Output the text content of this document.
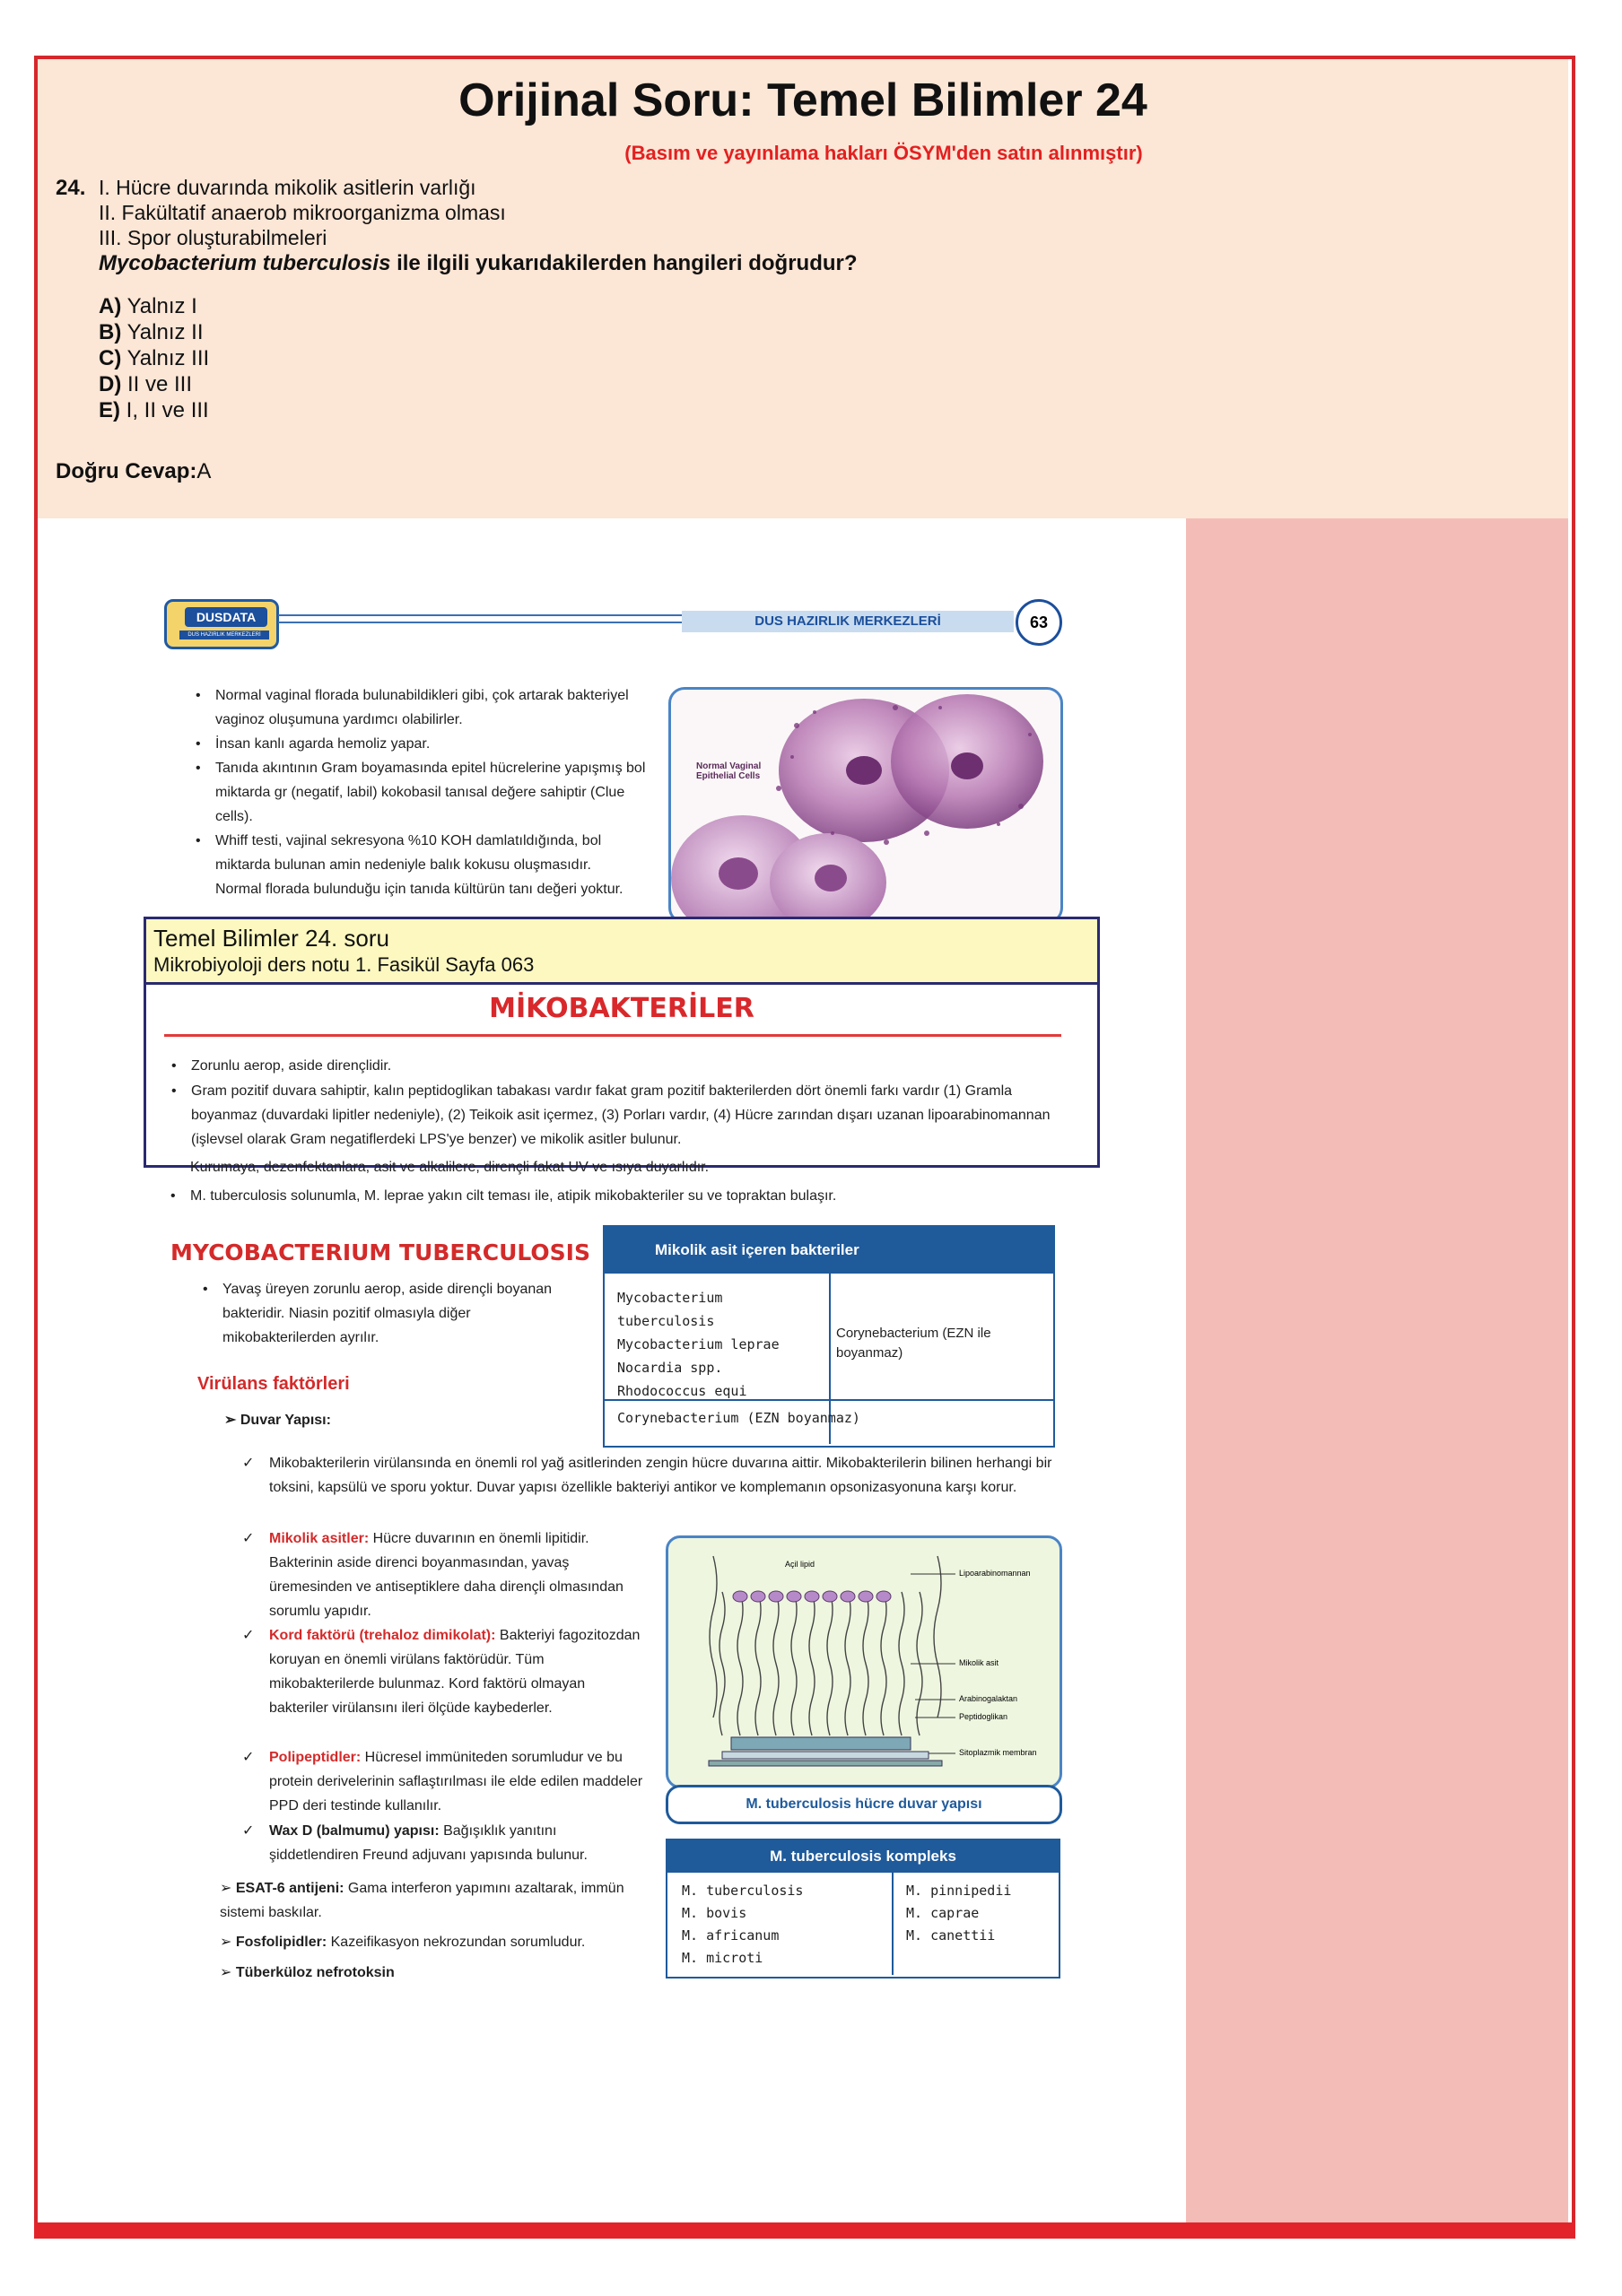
Orijinal Soru: Temel Bilimler 24
(Basım ve yayınlama hakları ÖSYM'den satın alınmıştır)
24. I. Hücre duvarında mikolik asitlerin varlığı
II. Fakültatif anaerob mikroorganizma olması
III. Spor oluşturabilmeleri
Mycobacterium tuberculosis ile ilgili yukarıdakilerden hangileri doğrudur?
A) Yalnız I
B) Yalnız II
C) Yalnız III
D) II ve III
E) I, II ve III
Doğru Cevap:A
DUSDATA
DUS HAZIRLIK MERKEZLERİ
DUS HAZIRLIK MERKEZLERİ	63
• Normal vaginal florada bulunabildikleri gibi, çok artarak bakteriyel vaginoz oluşumuna yardımcı olabilirler.
• İnsan kanlı agarda hemoliz yapar.
• Tanıda akıntının Gram boyamasında epitel hücrelerine yapışmış bol miktarda gr (negatif, labil) kokobasil tanısal değere sahiptir (Clue cells).
• Whiff testi, vajinal sekresyona %10 KOH damlatıldığında, bol miktarda bulunan amin nedeniyle balık kokusu oluşmasıdır.
• Normal florada bulunduğu için tanıda kültürün tanı değeri yoktur.
Normal Vaginal Epithelial Cells
Temel Bilimler 24. soru
Mikrobiyoloji ders notu 1. Fasikül Sayfa 063
MİKOBAKTERİLER
• Zorunlu aerop, aside dirençlidir.
• Gram pozitif duvara sahiptir, kalın peptidoglikan tabakası vardır fakat gram pozitif bakterilerden dört önemli farkı vardır (1) Gramla boyanmaz (duvardaki lipitler nedeniyle), (2) Teikoik asit içermez, (3) Porları vardır, (4) Hücre zarından dışarı uzanan lipoarabinomannan (işlevsel olarak Gram negatiflerdeki LPS'ye benzer) ve mikolik asitler bulunur.
• Kurumaya, dezenfektanlara, asit ve alkalilere, dirençli fakat UV ve ısıya duyarlıdır.
• M. tuberculosis solunumla, M. leprae yakın cilt teması ile, atipik mikobakteriler su ve topraktan bulaşır.
MYCOBACTERIUM TUBERCULOSIS
• Yavaş üreyen zorunlu aerop, aside dirençli boyanan bakteridir. Niasin pozitif olmasıyla diğer mikobakterilerden ayrılır.
Virülans faktörleri
➢ Duvar Yapısı:
Mikolik asit içeren bakteriler
Mycobacterium tuberculosis
Mycobacterium leprae
Nocardia spp.
Rhodococcus equi
Corynebacterium (EZN ile boyanmaz)
Corynebacterium (EZN boyanmaz)
Mikobakterilerin virülansında en önemli rol yağ asitlerinden zengin hücre duvarına aittir. Mikobakterilerin bilinen herhangi bir toksini, kapsülü ve sporu yoktur. Duvar yapısı özellikle bakteriyi antikor ve komplemanın opsonizasyonuna karşı korur.
Mikolik asitler: Hücre duvarının en önemli lipitidir. Bakterinin aside direnci boyanmasından, yavaş üremesinden ve antiseptiklere daha dirençli olmasından sorumlu yapıdır.
Kord faktörü (trehaloz dimikolat): Bakteriyi fagozitozdan koruyan en önemli virülans faktörüdür. Tüm mikobakterilerde bulunmaz. Kord faktörü olmayan bakteriler virülansını ileri ölçüde kaybederler.
Polipeptidler: Hücresel immüniteden sorumludur ve bu protein derivelerinin saflaştırılması ile elde edilen maddeler PPD deri testinde kullanılır.
Wax D (balmumu) yapısı: Bağışıklık yanıtını şiddetlendiren Freund adjuvanı yapısında bulunur.
✓
✓
✓
✓
✓
➢ ESAT-6 antijeni: Gama interferon yapımını azaltarak, immün sistemi baskılar.
➢ Fosfolipidler: Kazeifikasyon nekrozundan sorumludur.
➢ Tüberküloz nefrotoksin
Açil lipid
Lipoarabinomannan
Mikolik asit
Arabinogalaktan
Peptidoglikan
Sitoplazmik membran
M. tuberculosis hücre duvar yapısı
M. tuberculosis kompleks
M. tuberculosis
M. bovis
M. africanum
M. microti
M. pinnipedii
M. caprae
M. canettii
